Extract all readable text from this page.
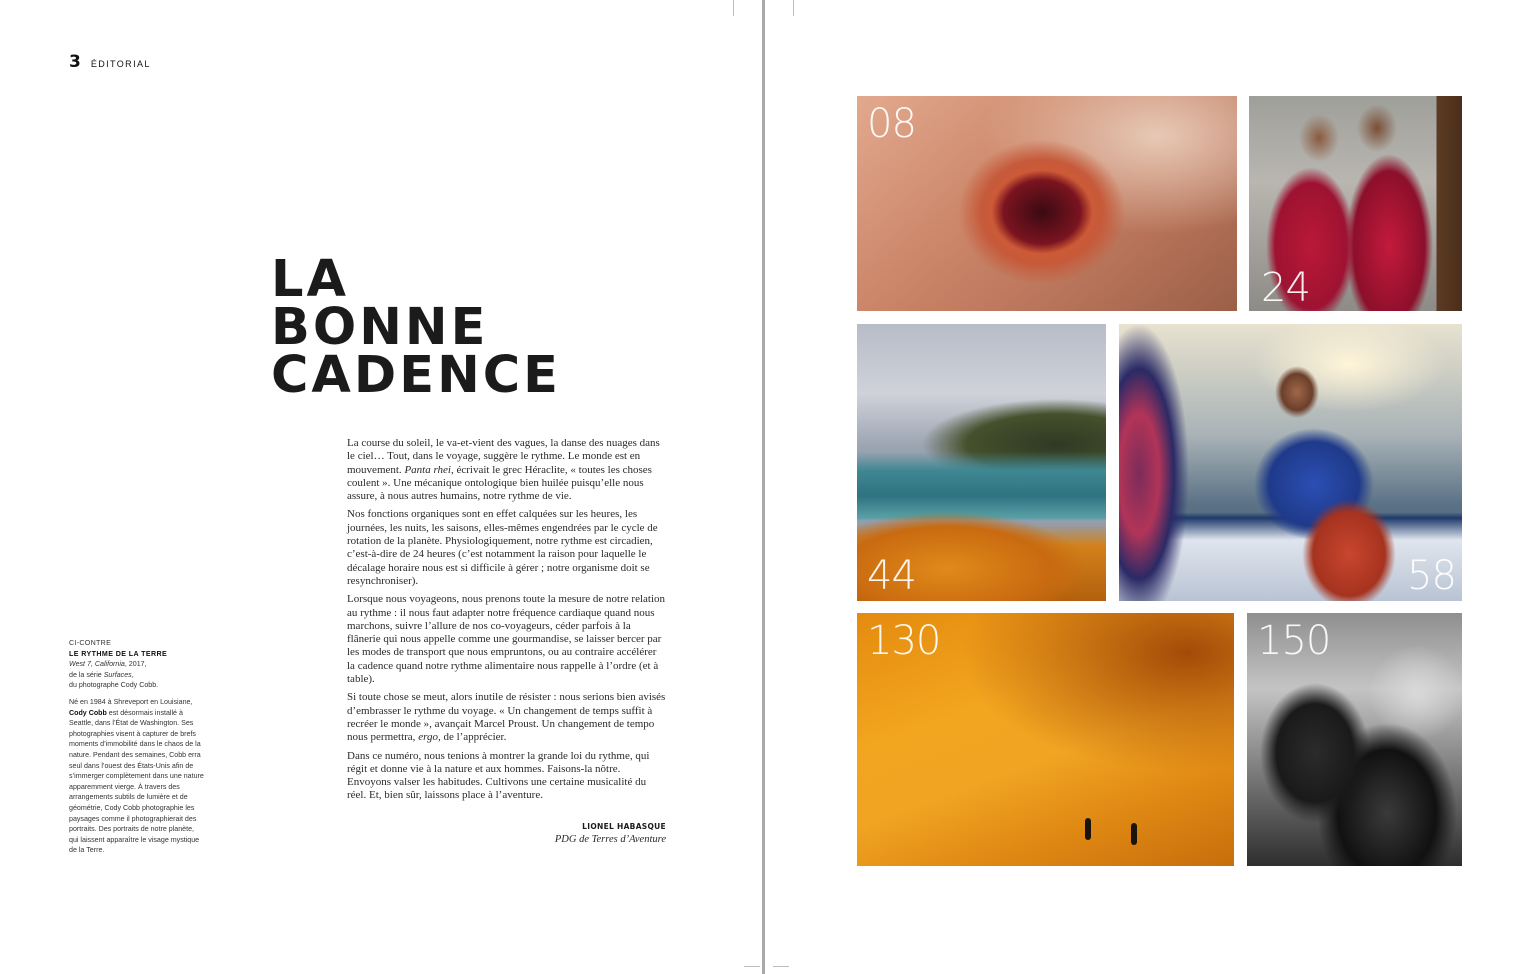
3 ÉDITORIAL
LA
BONNE
CADENCE

La course du soleil, le va-et-vient des vagues, la danse des nuages dans le ciel… Tout, dans le voyage, suggère le rythme. Le monde est en mouvement. Panta rhei, écrivait le grec Héraclite, « toutes les choses coulent ». Une mécanique ontologique bien huilée puisqu’elle nous assure, à nous autres humains, notre rythme de vie.

Nos fonctions organiques sont en effet calquées sur les heures, les journées, les nuits, les saisons, elles-mêmes engendrées par le cycle de rotation de la planète. Physiologiquement, notre rythme est circadien, c’est-à-dire de 24 heures (c’est notamment la raison pour laquelle le décalage horaire nous est si difficile à gérer ; notre organisme doit se resynchroniser).

Lorsque nous voyageons, nous prenons toute la mesure de notre relation au rythme : il nous faut adapter notre fréquence cardiaque quand nous marchons, suivre l’allure de nos co-voyageurs, céder parfois à la flânerie qui nous appelle comme une gourmandise, se laisser bercer par les modes de transport que nous empruntons, ou au contraire accélérer la cadence quand notre rythme alimentaire nous rappelle à l’ordre (et à table).

Si toute chose se meut, alors inutile de résister : nous serions bien avisés d’embrasser le rythme du voyage. « Un changement de temps suffit à recréer le monde », avançait Marcel Proust. Un changement de tempo nous permettra, ergo, de l’apprécier.

Dans ce numéro, nous tenions à montrer la grande loi du rythme, qui régit et donne vie à la nature et aux hommes. Faisons-la nôtre. Envoyons valser les habitudes. Cultivons une certaine musicalité du réel. Et, bien sûr, laissons place à l’aventure.

LIONEL HABASQUE
PDG de Terres d’Aventure
CI-CONTRE
LE RYTHME DE LA TERRE
West 7, California, 2017,
de la série Surfaces,
du photographe Cody Cobb.
Né en 1984 à Shreveport en Louisiane, Cody Cobb est désormais installé à Seattle, dans l’État de Washington. Ses photographies visent à capturer de brefs moments d’immobilité dans le chaos de la nature. Pendant des semaines, Cobb erra seul dans l’ouest des États-Unis afin de s’immerger complètement dans une nature apparemment vierge. À travers des arrangements subtils de lumière et de géométrie, Cody Cobb photographie les paysages comme il photographierait des portraits. Des portraits de notre planète, qui laissent apparaître le visage mystique de la Terre.
08
24
44	58
130	150
